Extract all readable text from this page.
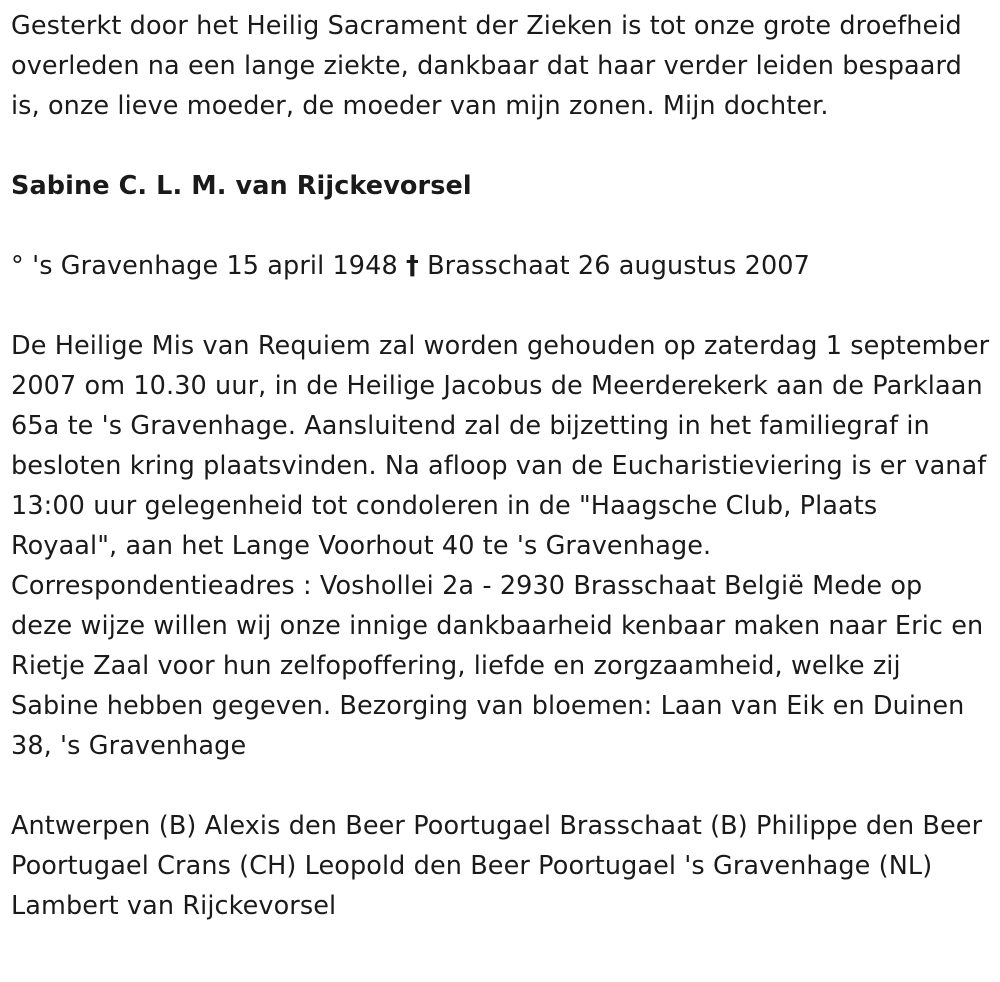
Gesterkt door het Heilig Sacrament der Zieken is tot onze grote droefheid overleden na een lange ziekte, dankbaar dat haar verder leiden bespaard is, onze lieve moeder, de moeder van mijn zonen. Mijn dochter.

Sabine C. L. M. van Rijckevorsel

° 's Gravenhage 15 april 1948 † Brasschaat 26 augustus 2007

De Heilige Mis van Requiem zal worden gehouden op zaterdag 1 september 2007 om 10.30 uur, in de Heilige Jacobus de Meerderekerk aan de Parklaan 65a te 's Gravenhage. Aansluitend zal de bijzetting in het familiegraf in besloten kring plaatsvinden. Na afloop van de Eucharistieviering is er vanaf 13:00 uur gelegenheid tot condoleren in de "Haagsche Club, Plaats Royaal", aan het Lange Voorhout 40 te 's Gravenhage. Correspondentieadres : Voshollei 2a - 2930 Brasschaat België Mede op deze wijze willen wij onze innige dankbaarheid kenbaar maken naar Eric en Rietje Zaal voor hun zelfopoffering, liefde en zorgzaamheid, welke zij Sabine hebben gegeven. Bezorging van bloemen: Laan van Eik en Duinen 38, 's Gravenhage

Antwerpen (B) Alexis den Beer Poortugael Brasschaat (B) Philippe den Beer Poortugael Crans (CH) Leopold den Beer Poortugael 's Gravenhage (NL) Lambert van Rijckevorsel
